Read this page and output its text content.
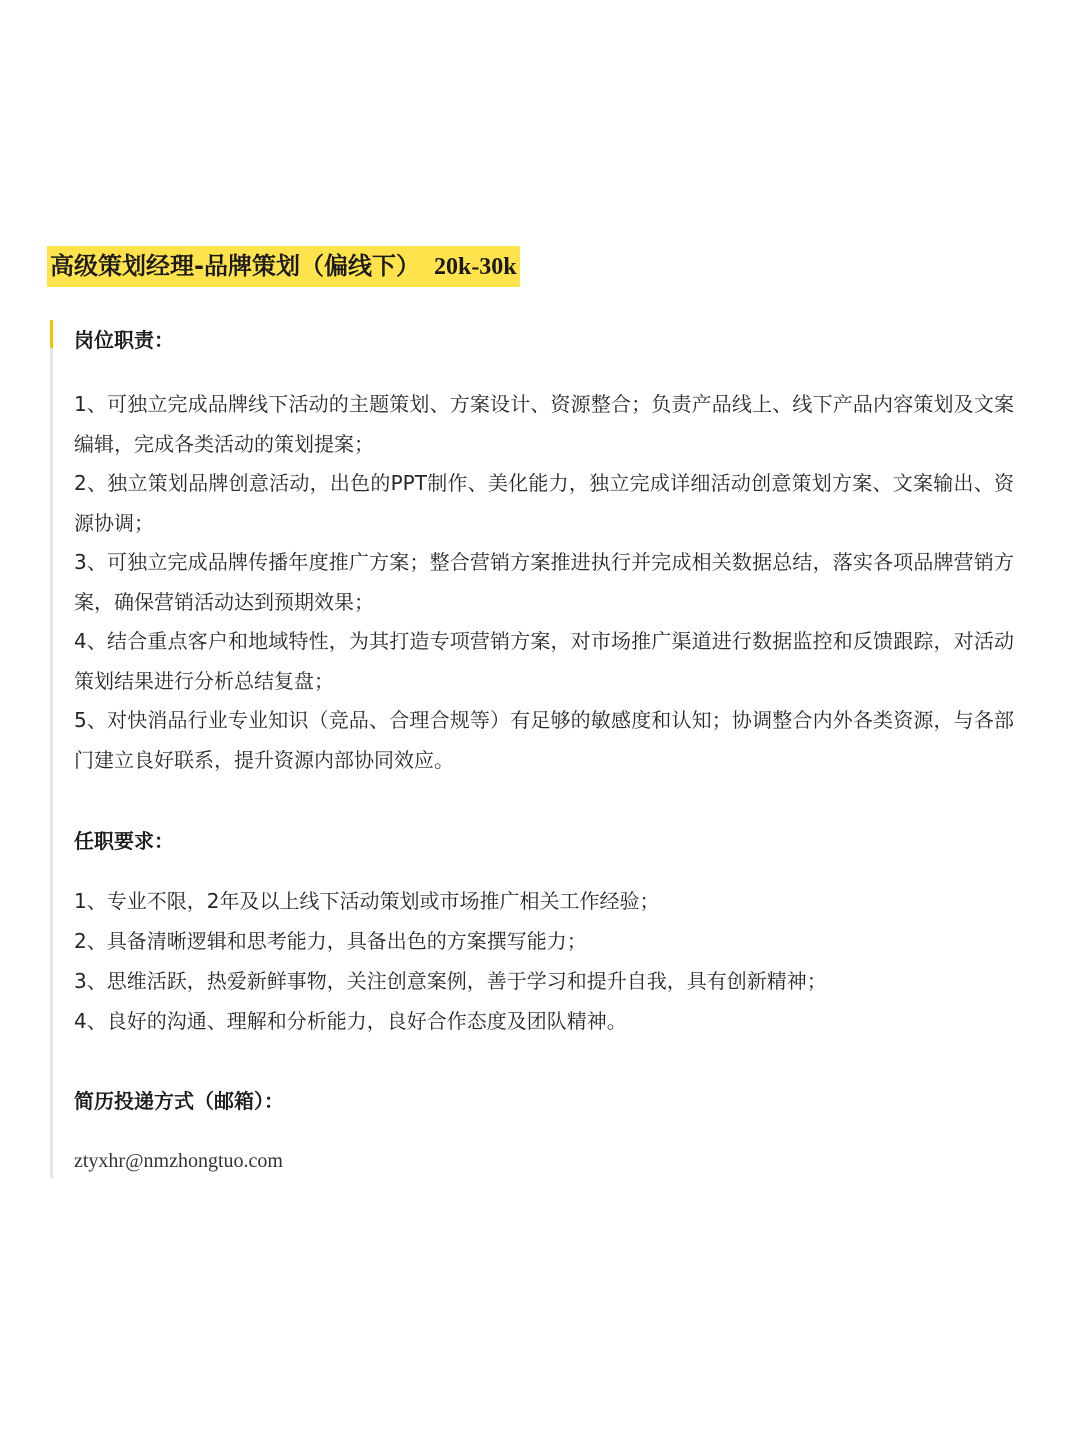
高级策划经理-品牌策划（偏线下） 20k-30k
岗位职责：
1、可独立完成品牌线下活动的主题策划、方案设计、资源整合；负责产品线上、线下产品内容策划及文案编辑，完成各类活动的策划提案；
2、独立策划品牌创意活动，出色的PPT制作、美化能力，独立完成详细活动创意策划方案、文案输出、资源协调；
3、可独立完成品牌传播年度推广方案；整合营销方案推进执行并完成相关数据总结，落实各项品牌营销方案，确保营销活动达到预期效果；
4、结合重点客户和地域特性，为其打造专项营销方案，对市场推广渠道进行数据监控和反馈跟踪，对活动策划结果进行分析总结复盘；
5、对快消品行业专业知识（竞品、合理合规等）有足够的敏感度和认知；协调整合内外各类资源，与各部门建立良好联系，提升资源内部协同效应。
任职要求：
1、专业不限，2年及以上线下活动策划或市场推广相关工作经验；
2、具备清晰逻辑和思考能力，具备出色的方案撰写能力；
3、思维活跃，热爱新鲜事物，关注创意案例，善于学习和提升自我，具有创新精神；
4、良好的沟通、理解和分析能力，良好合作态度及团队精神。
简历投递方式（邮箱）：
ztyxhr@nmzhongtuo.com
